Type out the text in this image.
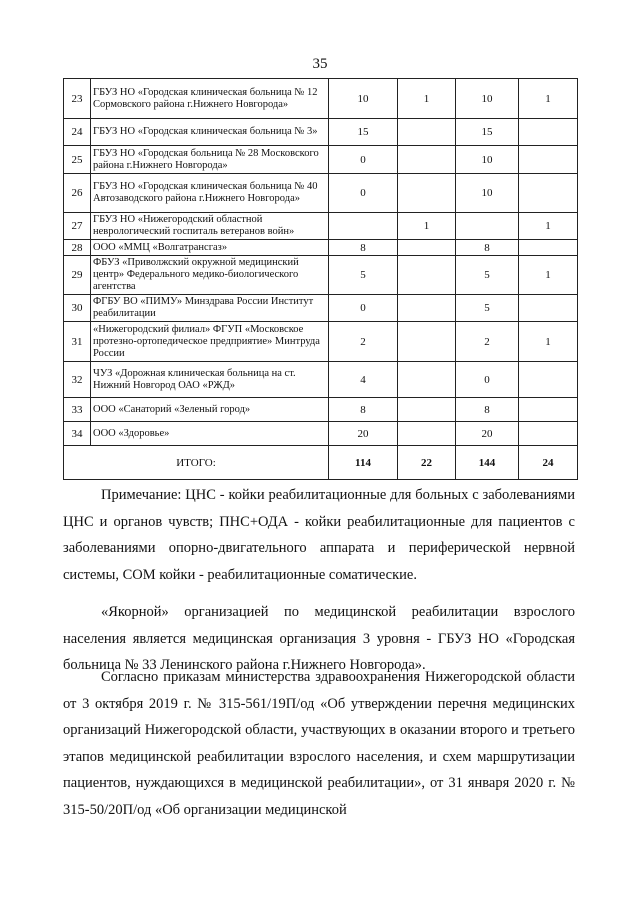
35
23	ГБУЗ НО «Городская клиническая больница № 12 Сормовского района г.Нижнего Новгорода»	10	1	10	1
24	ГБУЗ НО «Городская клиническая больница № 3»	15		15	
25	ГБУЗ НО «Городская больница № 28 Московского района г.Нижнего Новгорода»	0		10	
26	ГБУЗ НО «Городская клиническая больница № 40 Автозаводского района г.Нижнего Новгорода»	0		10	
27	ГБУЗ НО «Нижегородский областной неврологический госпиталь ветеранов войн»		1		1
28	ООО «ММЦ «Волгатрансгаз»	8		8	
29	ФБУЗ «Приволжский окружной медицинский центр» Федерального медико-биологического агентства	5		5	1
30	ФГБУ ВО «ПИМУ» Минздрава России Институт реабилитации	0		5	
31	«Нижегородский филиал» ФГУП «Московское протезно-ортопедическое предприятие» Минтруда России	2		2	1
32	ЧУЗ «Дорожная клиническая больница на ст. Нижний Новгород ОАО «РЖД»	4		0	
33	ООО «Санаторий «Зеленый город»	8		8	
34	ООО «Здоровье»	20		20	
ИТОГО:		114	22	144	24

Примечание: ЦНС - койки реабилитационные для больных с заболеваниями ЦНС и органов чувств; ПНС+ОДА - койки реабилитационные для пациентов с заболеваниями опорно-двигательного аппарата и периферической нервной системы, СОМ койки - реабилитационные соматические.

«Якорной» организацией по медицинской реабилитации взрослого населения является медицинская организация 3 уровня - ГБУЗ НО «Городская больница № 33 Ленинского района г.Нижнего Новгорода».

Согласно приказам министерства здравоохранения Нижегородской области от 3 октября 2019 г. № 315-561/19П/од «Об утверждении перечня медицинских организаций Нижегородской области, участвующих в оказании второго и третьего этапов медицинской реабилитации взрослого населения, и схем маршрутизации пациентов, нуждающихся в медицинской реабилитации», от 31 января 2020 г. № 315-50/20П/од «Об организации медицинской
